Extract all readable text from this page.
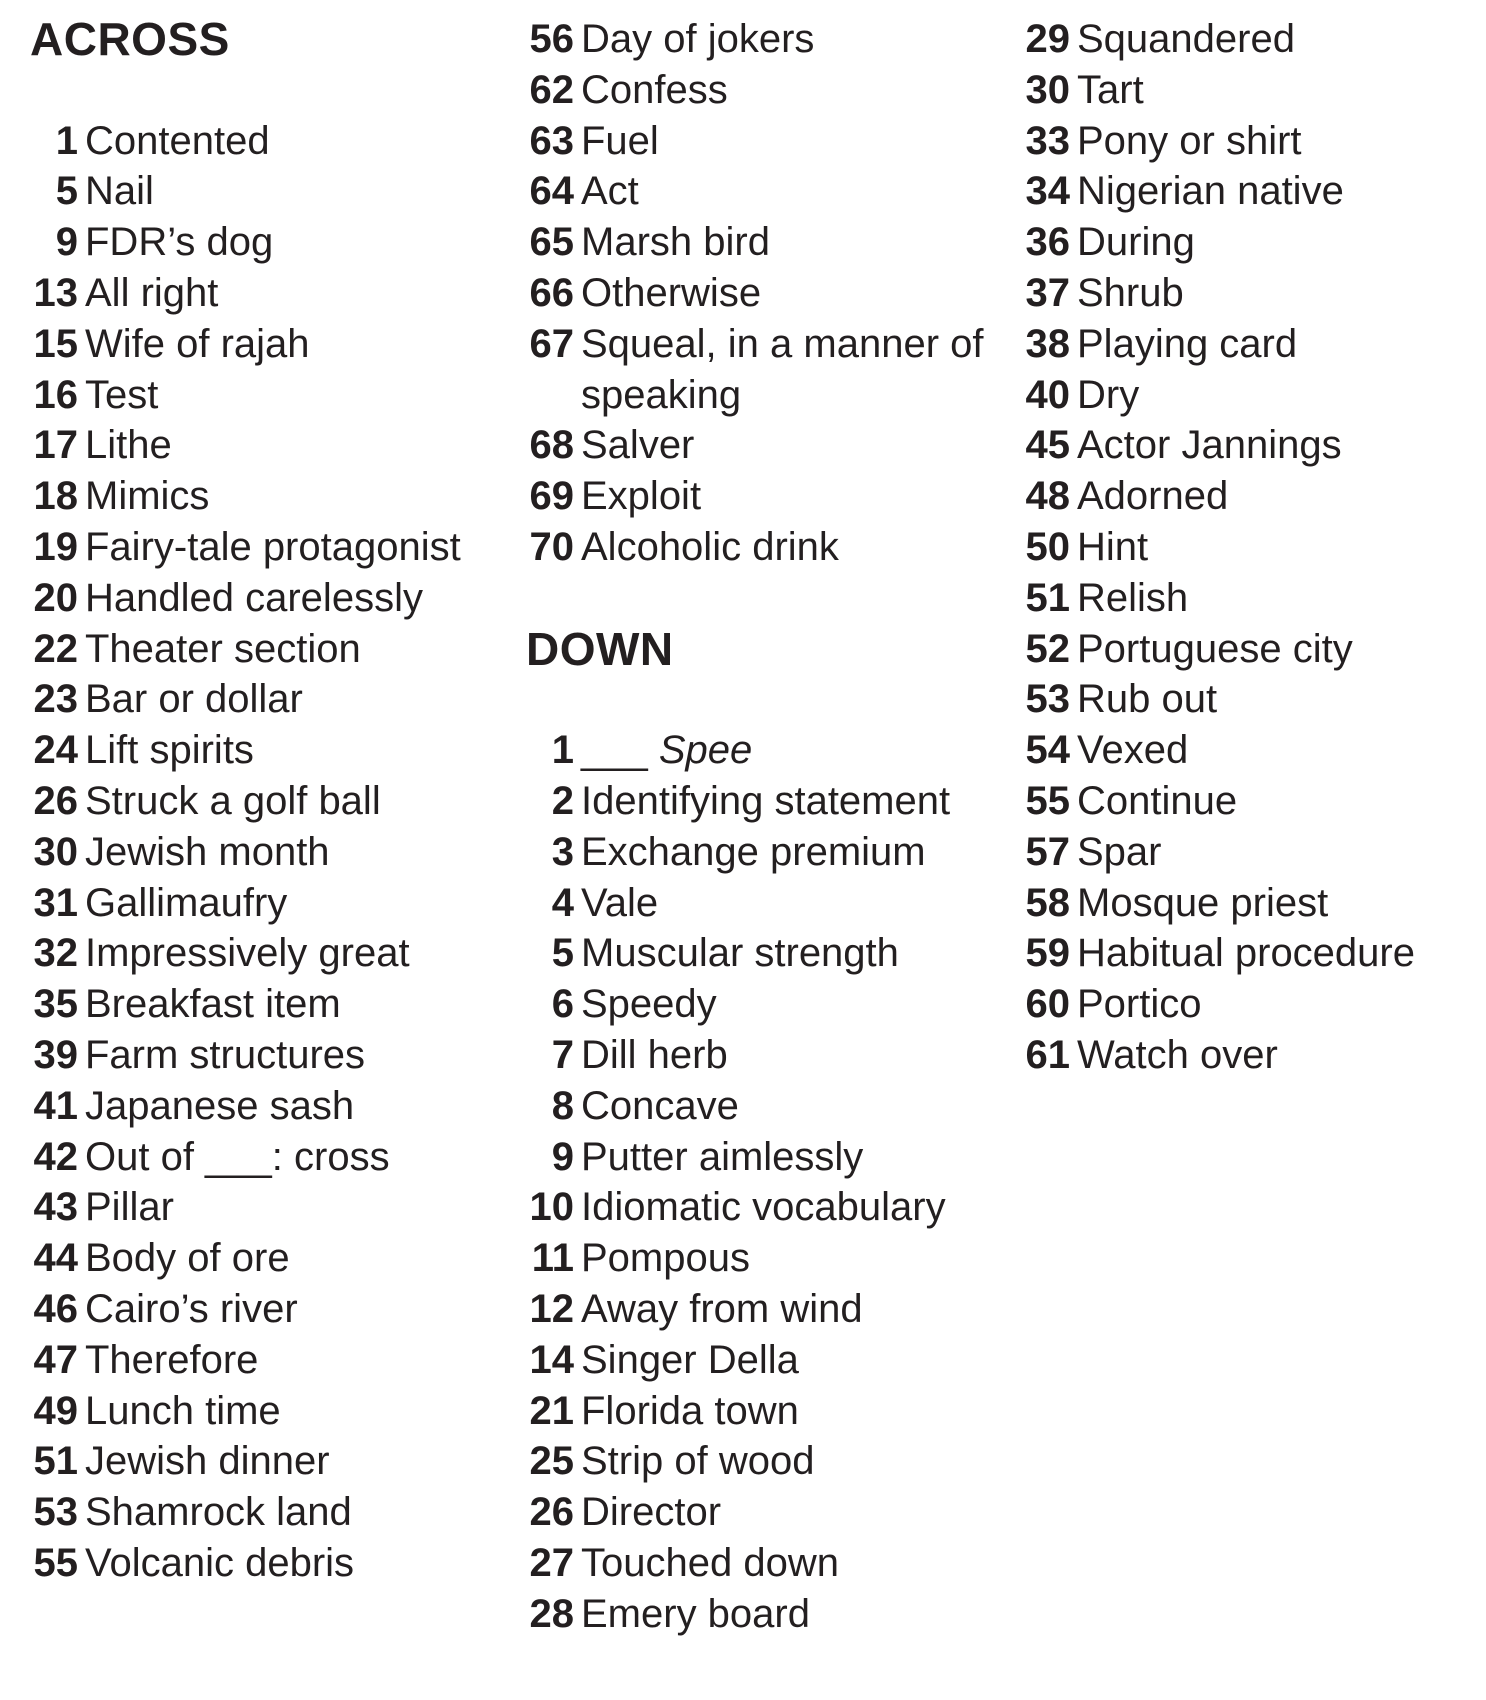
ACROSS
1 Contented
5 Nail
9 FDR’s dog
13 All right
15 Wife of rajah
16 Test
17 Lithe
18 Mimics
19 Fairy-tale protagonist
20 Handled carelessly
22 Theater section
23 Bar or dollar
24 Lift spirits
26 Struck a golf ball
30 Jewish month
31 Gallimaufry
32 Impressively great
35 Breakfast item
39 Farm structures
41 Japanese sash
42 Out of ___: cross
43 Pillar
44 Body of ore
46 Cairo’s river
47 Therefore
49 Lunch time
51 Jewish dinner
53 Shamrock land
55 Volcanic debris
56 Day of jokers
62 Confess
63 Fuel
64 Act
65 Marsh bird
66 Otherwise
67 Squeal, in a manner of speaking
68 Salver
69 Exploit
70 Alcoholic drink
DOWN
1 ___ Spee
2 Identifying statement
3 Exchange premium
4 Vale
5 Muscular strength
6 Speedy
7 Dill herb
8 Concave
9 Putter aimlessly
10 Idiomatic vocabulary
11 Pompous
12 Away from wind
14 Singer Della
21 Florida town
25 Strip of wood
26 Director
27 Touched down
28 Emery board
29 Squandered
30 Tart
33 Pony or shirt
34 Nigerian native
36 During
37 Shrub
38 Playing card
40 Dry
45 Actor Jannings
48 Adorned
50 Hint
51 Relish
52 Portuguese city
53 Rub out
54 Vexed
55 Continue
57 Spar
58 Mosque priest
59 Habitual procedure
60 Portico
61 Watch over
